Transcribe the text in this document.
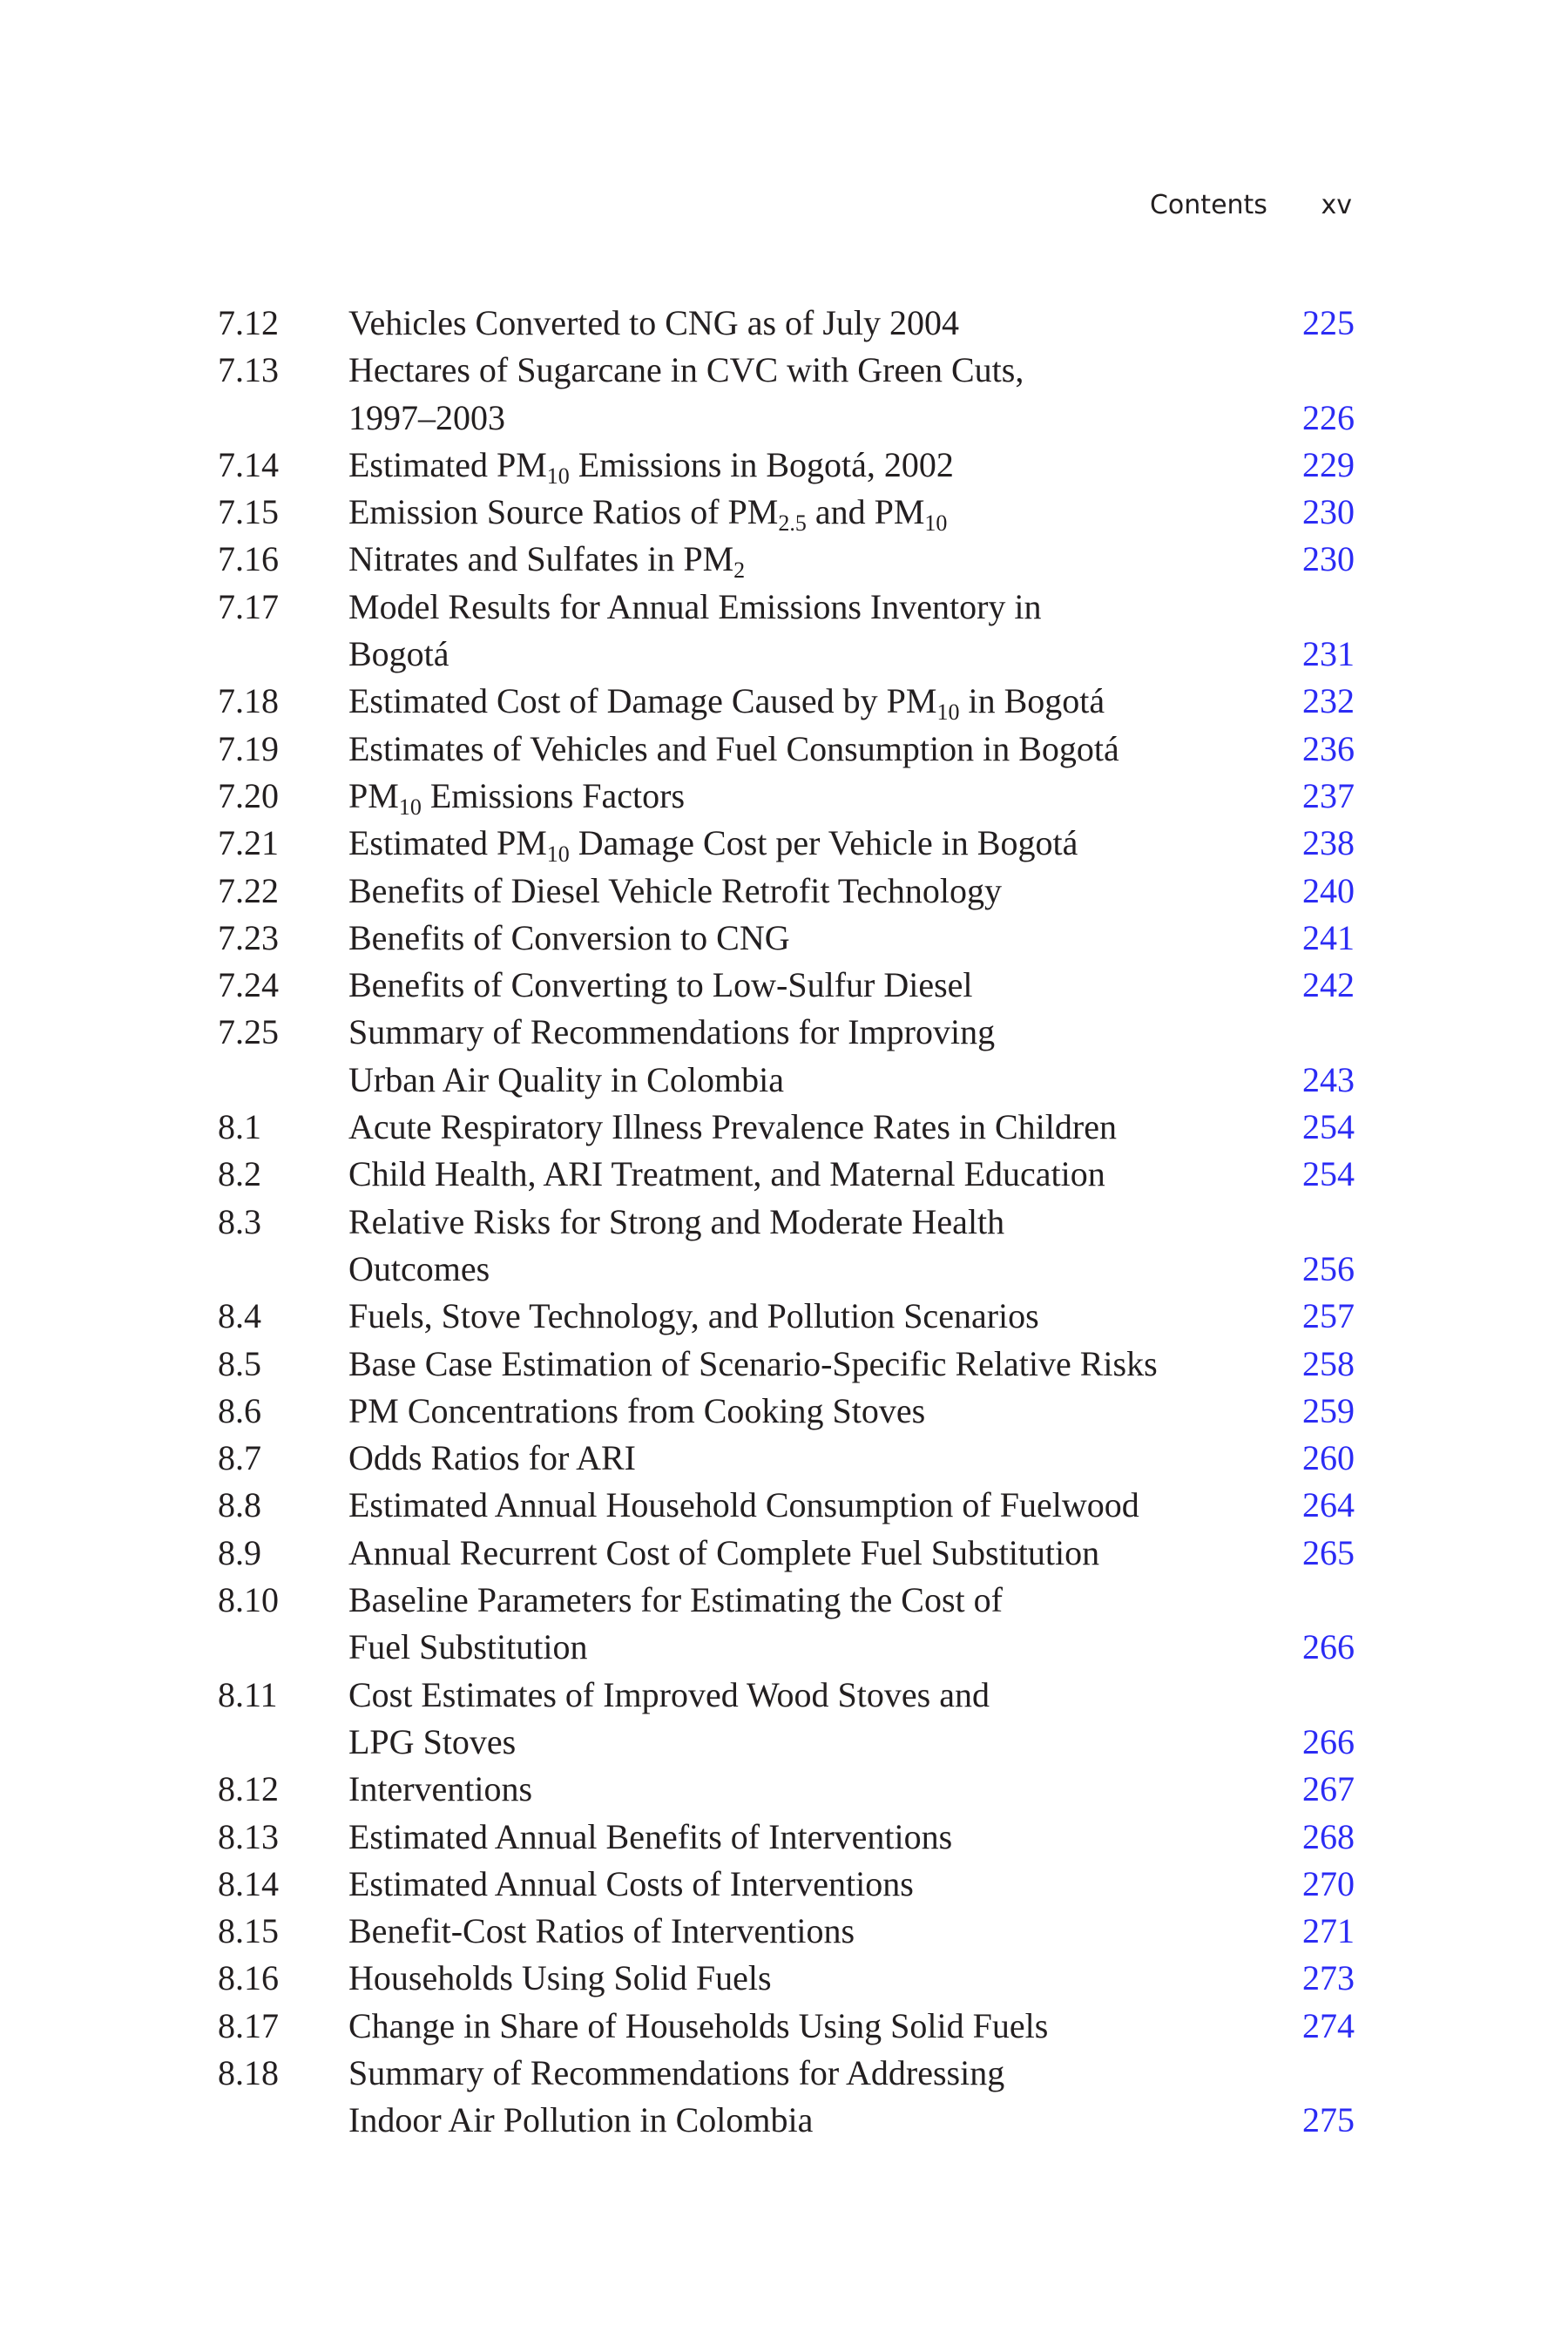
Contents xv
7.12	Vehicles Converted to CNG as of July 2004	225
7.13	Hectares of Sugarcane in CVC with Green Cuts,
1997–2003	226
7.14	Estimated $PM_{10}$ Emissions in Bogotá, 2002	229
7.15	Emission Source Ratios of $PM_{2.5}$ and $PM_{10}$	230
7.16	Nitrates and Sulfates in $PM_2$	230
7.17	Model Results for Annual Emissions Inventory in
Bogotá	231
7.18	Estimated Cost of Damage Caused by $PM_{10}$ in Bogotá	232
7.19	Estimates of Vehicles and Fuel Consumption in Bogotá	236
7.20	$PM_{10}$ Emissions Factors	237
7.21	Estimated $PM_{10}$ Damage Cost per Vehicle in Bogotá	238
7.22	Benefits of Diesel Vehicle Retrofit Technology	240
7.23	Benefits of Conversion to CNG	241
7.24	Benefits of Converting to Low-Sulfur Diesel	242
7.25	Summary of Recommendations for Improving
Urban Air Quality in Colombia	243
8.1	Acute Respiratory Illness Prevalence Rates in Children	254
8.2	Child Health, ARI Treatment, and Maternal Education	254
8.3	Relative Risks for Strong and Moderate Health
Outcomes	256
8.4	Fuels, Stove Technology, and Pollution Scenarios	257
8.5	Base Case Estimation of Scenario-Specific Relative Risks	258
8.6	PM Concentrations from Cooking Stoves	259
8.7	Odds Ratios for ARI	260
8.8	Estimated Annual Household Consumption of Fuelwood	264
8.9	Annual Recurrent Cost of Complete Fuel Substitution	265
8.10	Baseline Parameters for Estimating the Cost of
Fuel Substitution	266
8.11	Cost Estimates of Improved Wood Stoves and
LPG Stoves	266
8.12	Interventions	267
8.13	Estimated Annual Benefits of Interventions	268
8.14	Estimated Annual Costs of Interventions	270
8.15	Benefit-Cost Ratios of Interventions	271
8.16	Households Using Solid Fuels	273
8.17	Change in Share of Households Using Solid Fuels	274
8.18	Summary of Recommendations for Addressing
Indoor Air Pollution in Colombia	275
